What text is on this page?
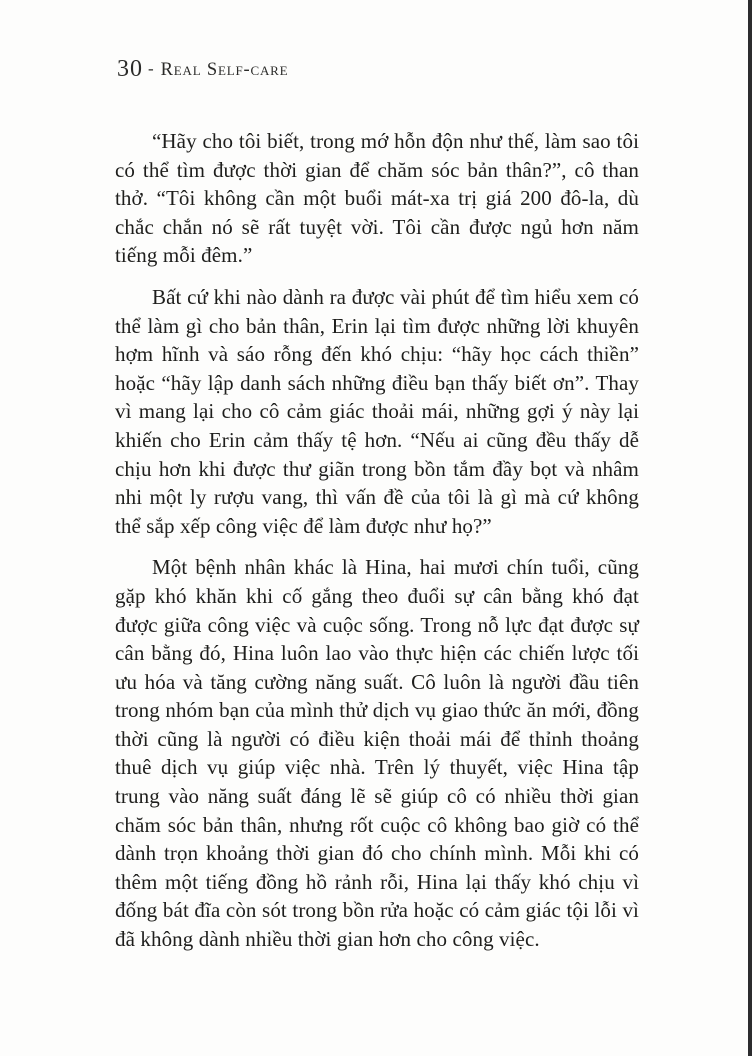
30 - Real Self-care

“Hãy cho tôi biết, trong mớ hỗn độn như thế, làm sao tôi có thể tìm được thời gian để chăm sóc bản thân?”, cô than thở. “Tôi không cần một buổi mát-xa trị giá 200 đô-la, dù chắc chắn nó sẽ rất tuyệt vời. Tôi cần được ngủ hơn năm tiếng mỗi đêm.”

Bất cứ khi nào dành ra được vài phút để tìm hiểu xem có thể làm gì cho bản thân, Erin lại tìm được những lời khuyên hợm hĩnh và sáo rỗng đến khó chịu: “hãy học cách thiền” hoặc “hãy lập danh sách những điều bạn thấy biết ơn”. Thay vì mang lại cho cô cảm giác thoải mái, những gợi ý này lại khiến cho Erin cảm thấy tệ hơn. “Nếu ai cũng đều thấy dễ chịu hơn khi được thư giãn trong bồn tắm đầy bọt và nhâm nhi một ly rượu vang, thì vấn đề của tôi là gì mà cứ không thể sắp xếp công việc để làm được như họ?”

Một bệnh nhân khác là Hina, hai mươi chín tuổi, cũng gặp khó khăn khi cố gắng theo đuổi sự cân bằng khó đạt được giữa công việc và cuộc sống. Trong nỗ lực đạt được sự cân bằng đó, Hina luôn lao vào thực hiện các chiến lược tối ưu hóa và tăng cường năng suất. Cô luôn là người đầu tiên trong nhóm bạn của mình thử dịch vụ giao thức ăn mới, đồng thời cũng là người có điều kiện thoải mái để thỉnh thoảng thuê dịch vụ giúp việc nhà. Trên lý thuyết, việc Hina tập trung vào năng suất đáng lẽ sẽ giúp cô có nhiều thời gian chăm sóc bản thân, nhưng rốt cuộc cô không bao giờ có thể dành trọn khoảng thời gian đó cho chính mình. Mỗi khi có thêm một tiếng đồng hồ rảnh rỗi, Hina lại thấy khó chịu vì đống bát đĩa còn sót trong bồn rửa hoặc có cảm giác tội lỗi vì đã không dành nhiều thời gian hơn cho công việc.
